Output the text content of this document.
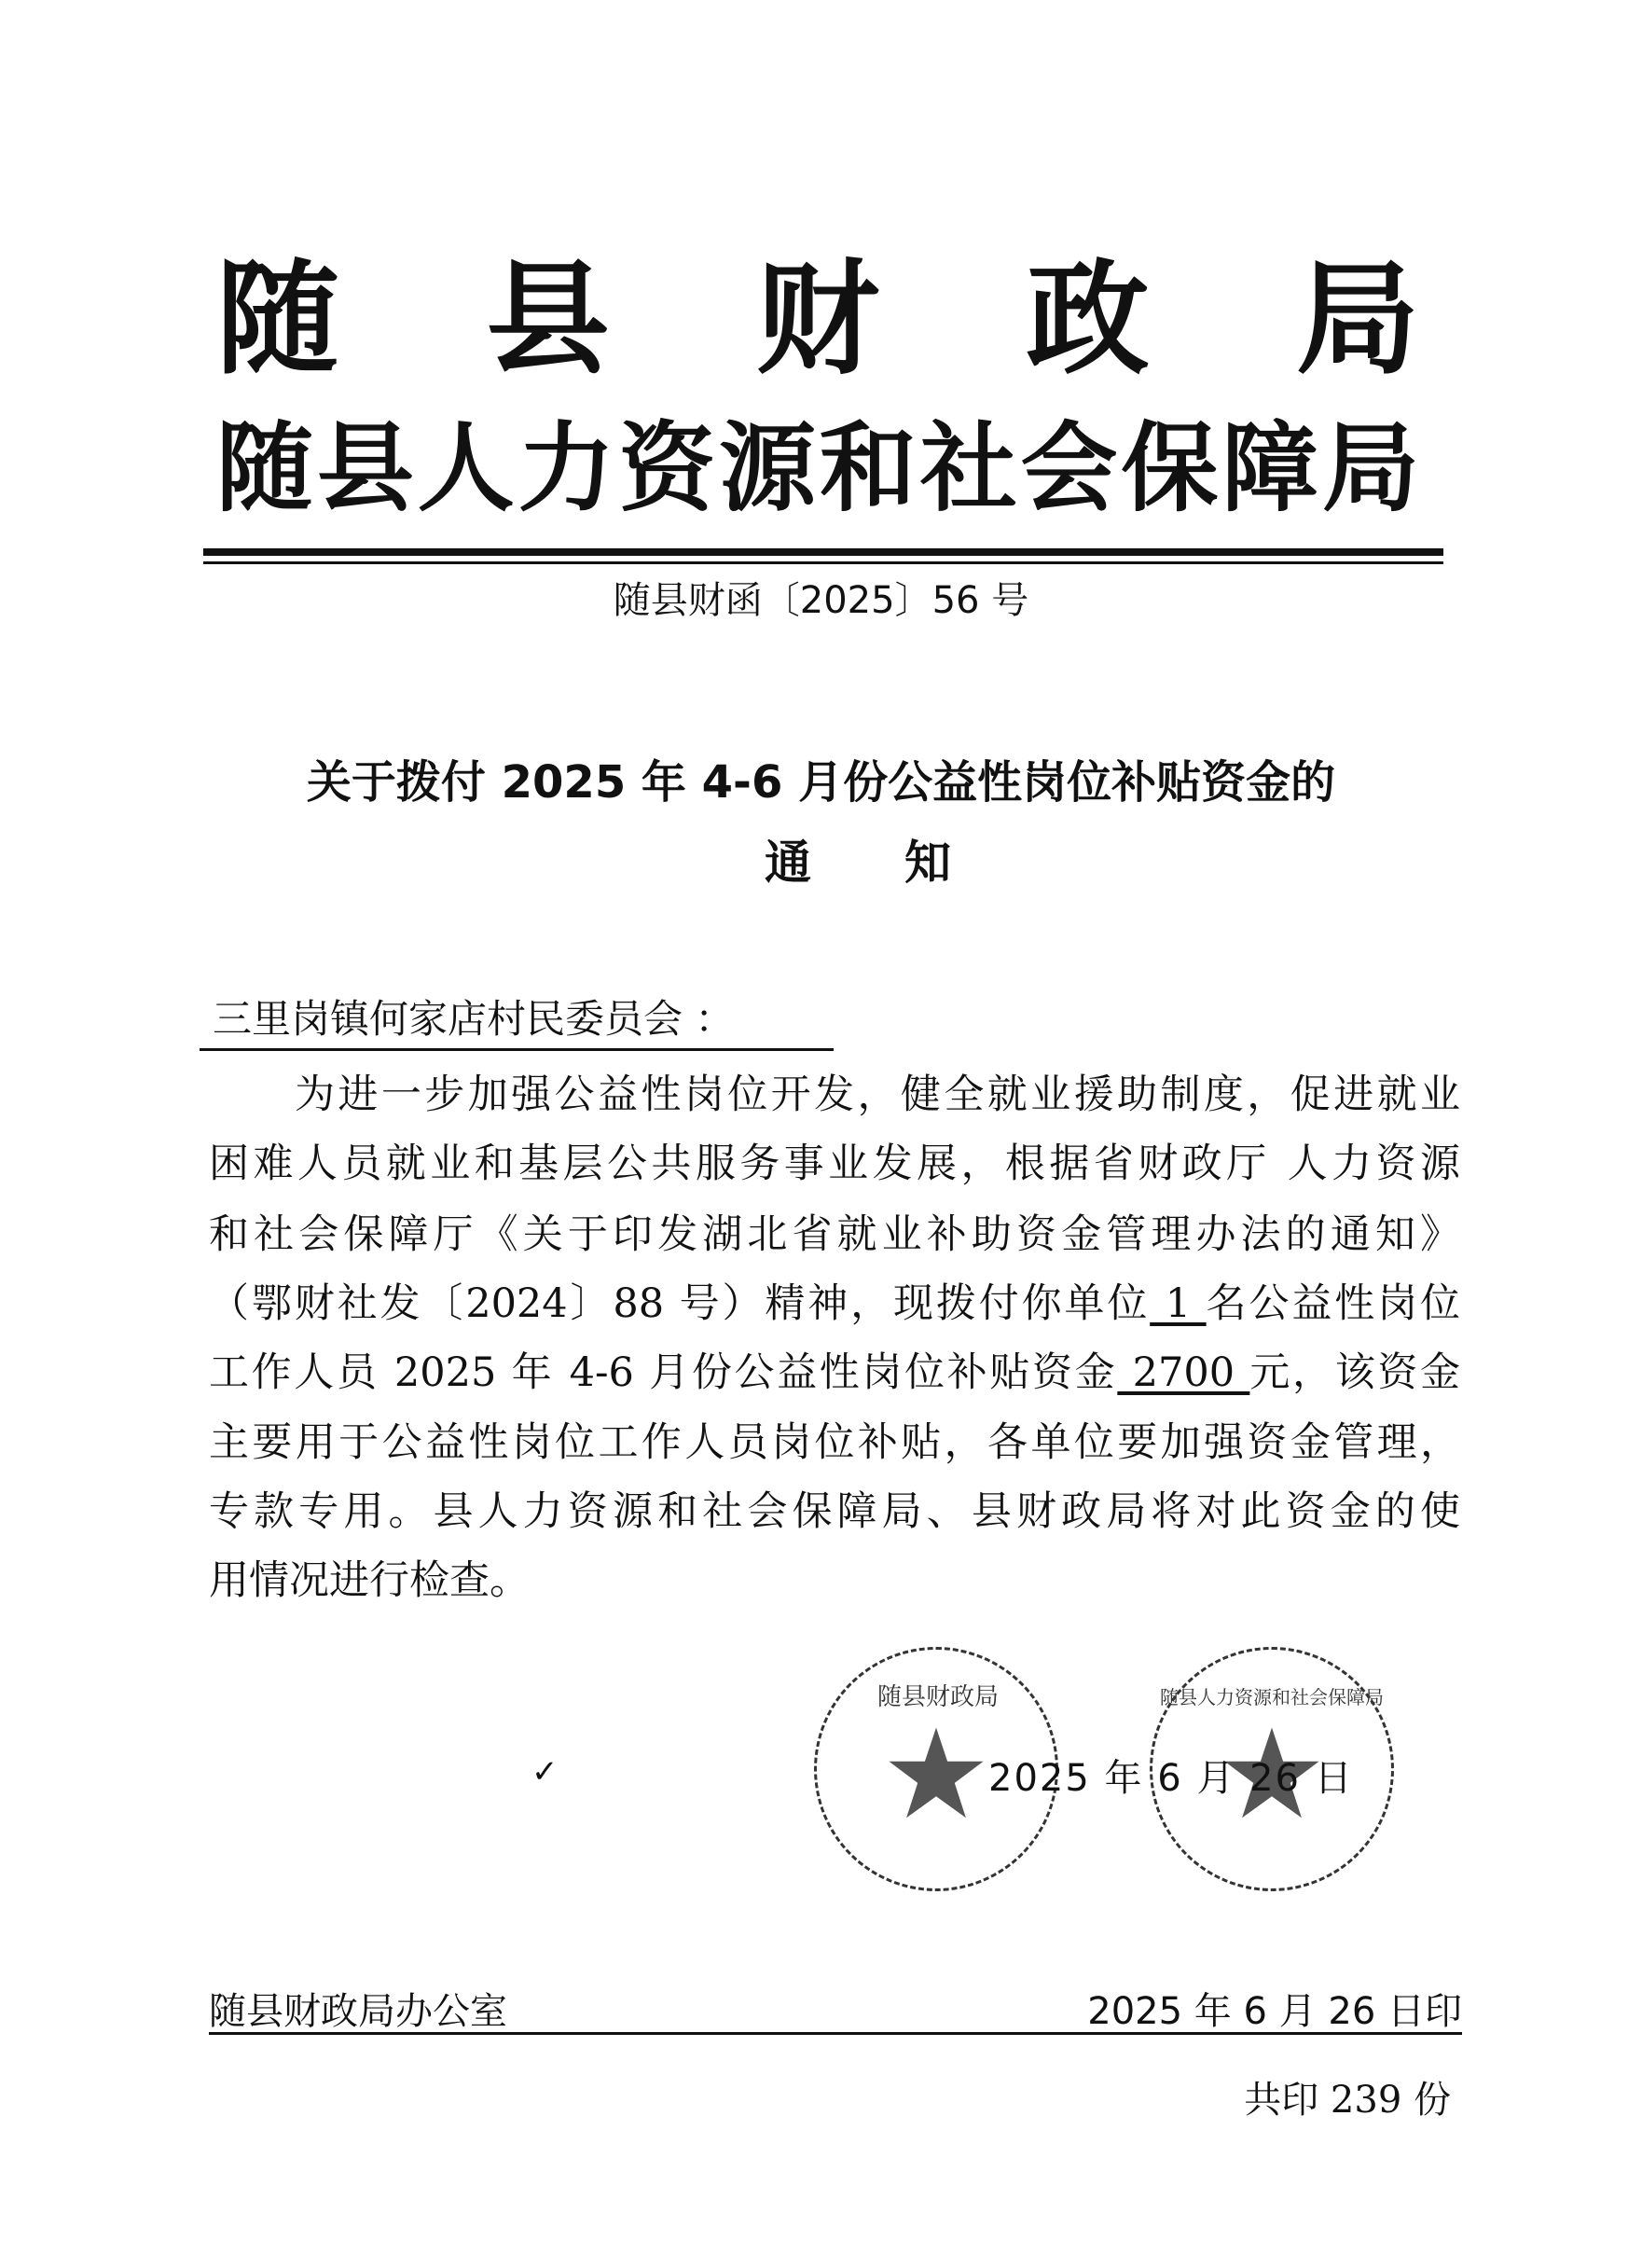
随县财政局
随县人力资源和社会保障局
随县财函〔2025〕56 号
关于拨付 2025 年 4-6 月份公益性岗位补贴资金的
通　　知
三里岗镇何家店村民委员会 ：
为进一步加强公益性岗位开发，健全就业援助制度，促进就业
困难人员就业和基层公共服务事业发展，根据省财政厅 人力资源
和社会保障厅《关于印发湖北省就业补助资金管理办法的通知》
（鄂财社发〔2024〕88 号）精神，现拨付你单位 1 名公益性岗位
工作人员 2025 年 4-6 月份公益性岗位补贴资金 2700 元，该资金
主要用于公益性岗位工作人员岗位补贴，各单位要加强资金管理，
专款专用。县人力资源和社会保障局、县财政局将对此资金的使
用情况进行检查。
✓
随县财政局	随县人力资源和社会保障局
2025 年 6 月 26 日
随县财政局办公室	2025 年 6 月 26 日印
共印 239 份
